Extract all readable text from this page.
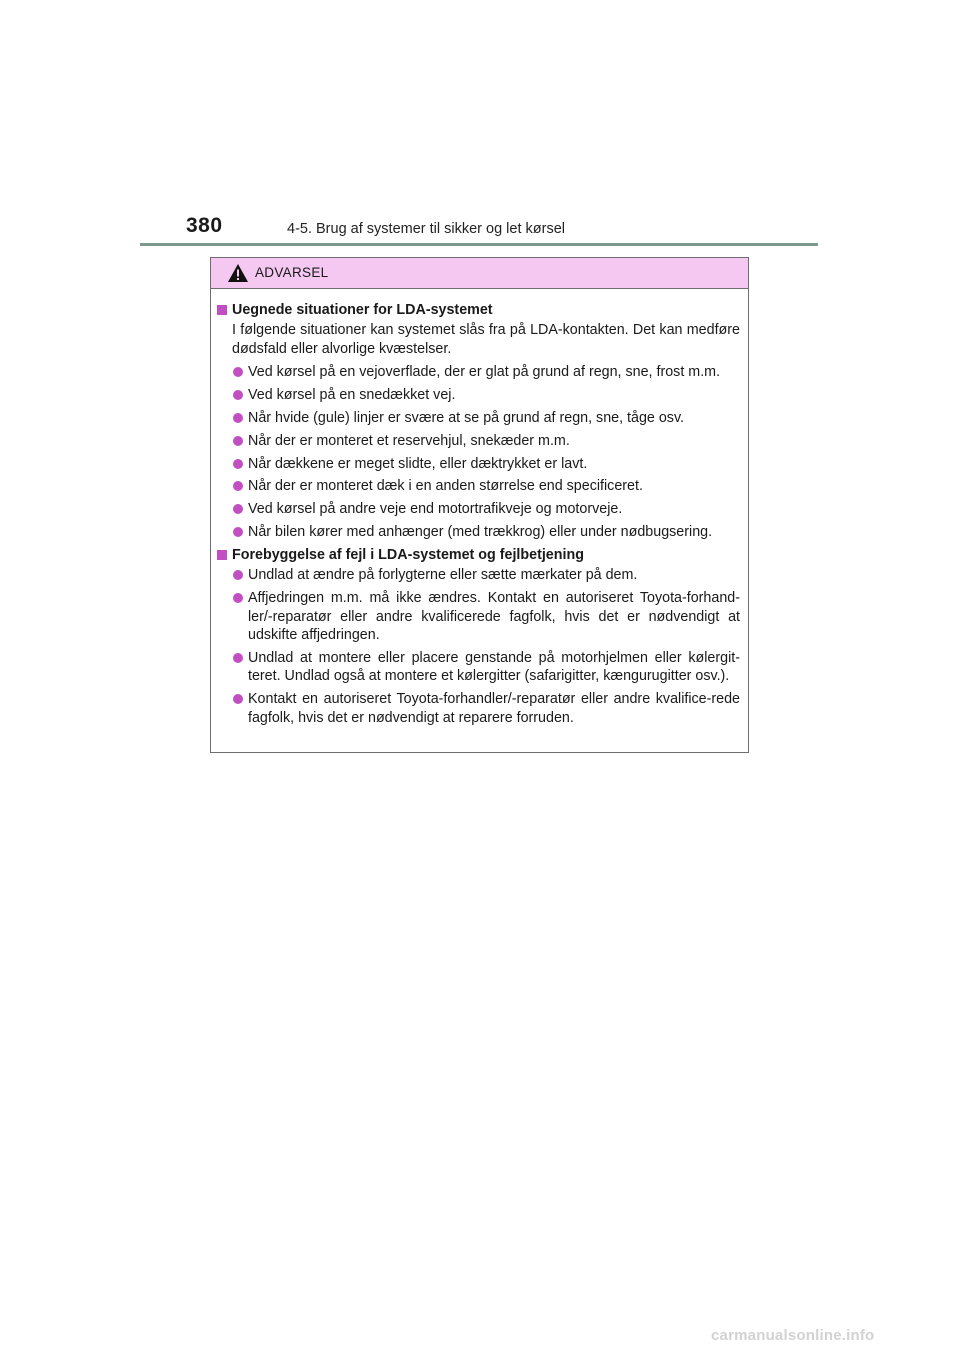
380	4-5. Brug af systemer til sikker og let kørsel
ADVARSEL
Uegnede situationer for LDA-systemet
I følgende situationer kan systemet slås fra på LDA-kontakten. Det kan medføre dødsfald eller alvorlige kvæstelser.
Ved kørsel på en vejoverflade, der er glat på grund af regn, sne, frost m.m.
Ved kørsel på en snedækket vej.
Når hvide (gule) linjer er svære at se på grund af regn, sne, tåge osv.
Når der er monteret et reservehjul, snekæder m.m.
Når dækkene er meget slidte, eller dæktrykket er lavt.
Når der er monteret dæk i en anden størrelse end specificeret.
Ved kørsel på andre veje end motortrafikveje og motorveje.
Når bilen kører med anhænger (med trækkrog) eller under nødbugsering.
Forebyggelse af fejl i LDA-systemet og fejlbetjening
Undlad at ændre på forlygterne eller sætte mærkater på dem.
Affjedringen m.m. må ikke ændres. Kontakt en autoriseret Toyota-forhand-ler/-reparatør eller andre kvalificerede fagfolk, hvis det er nødvendigt at udskifte affjedringen.
Undlad at montere eller placere genstande på motorhjelmen eller kølergit-teret. Undlad også at montere et kølergitter (safarigitter, kængurugitter osv.).
Kontakt en autoriseret Toyota-forhandler/-reparatør eller andre kvalifice-rede fagfolk, hvis det er nødvendigt at reparere forruden.
carmanualsonline.info
